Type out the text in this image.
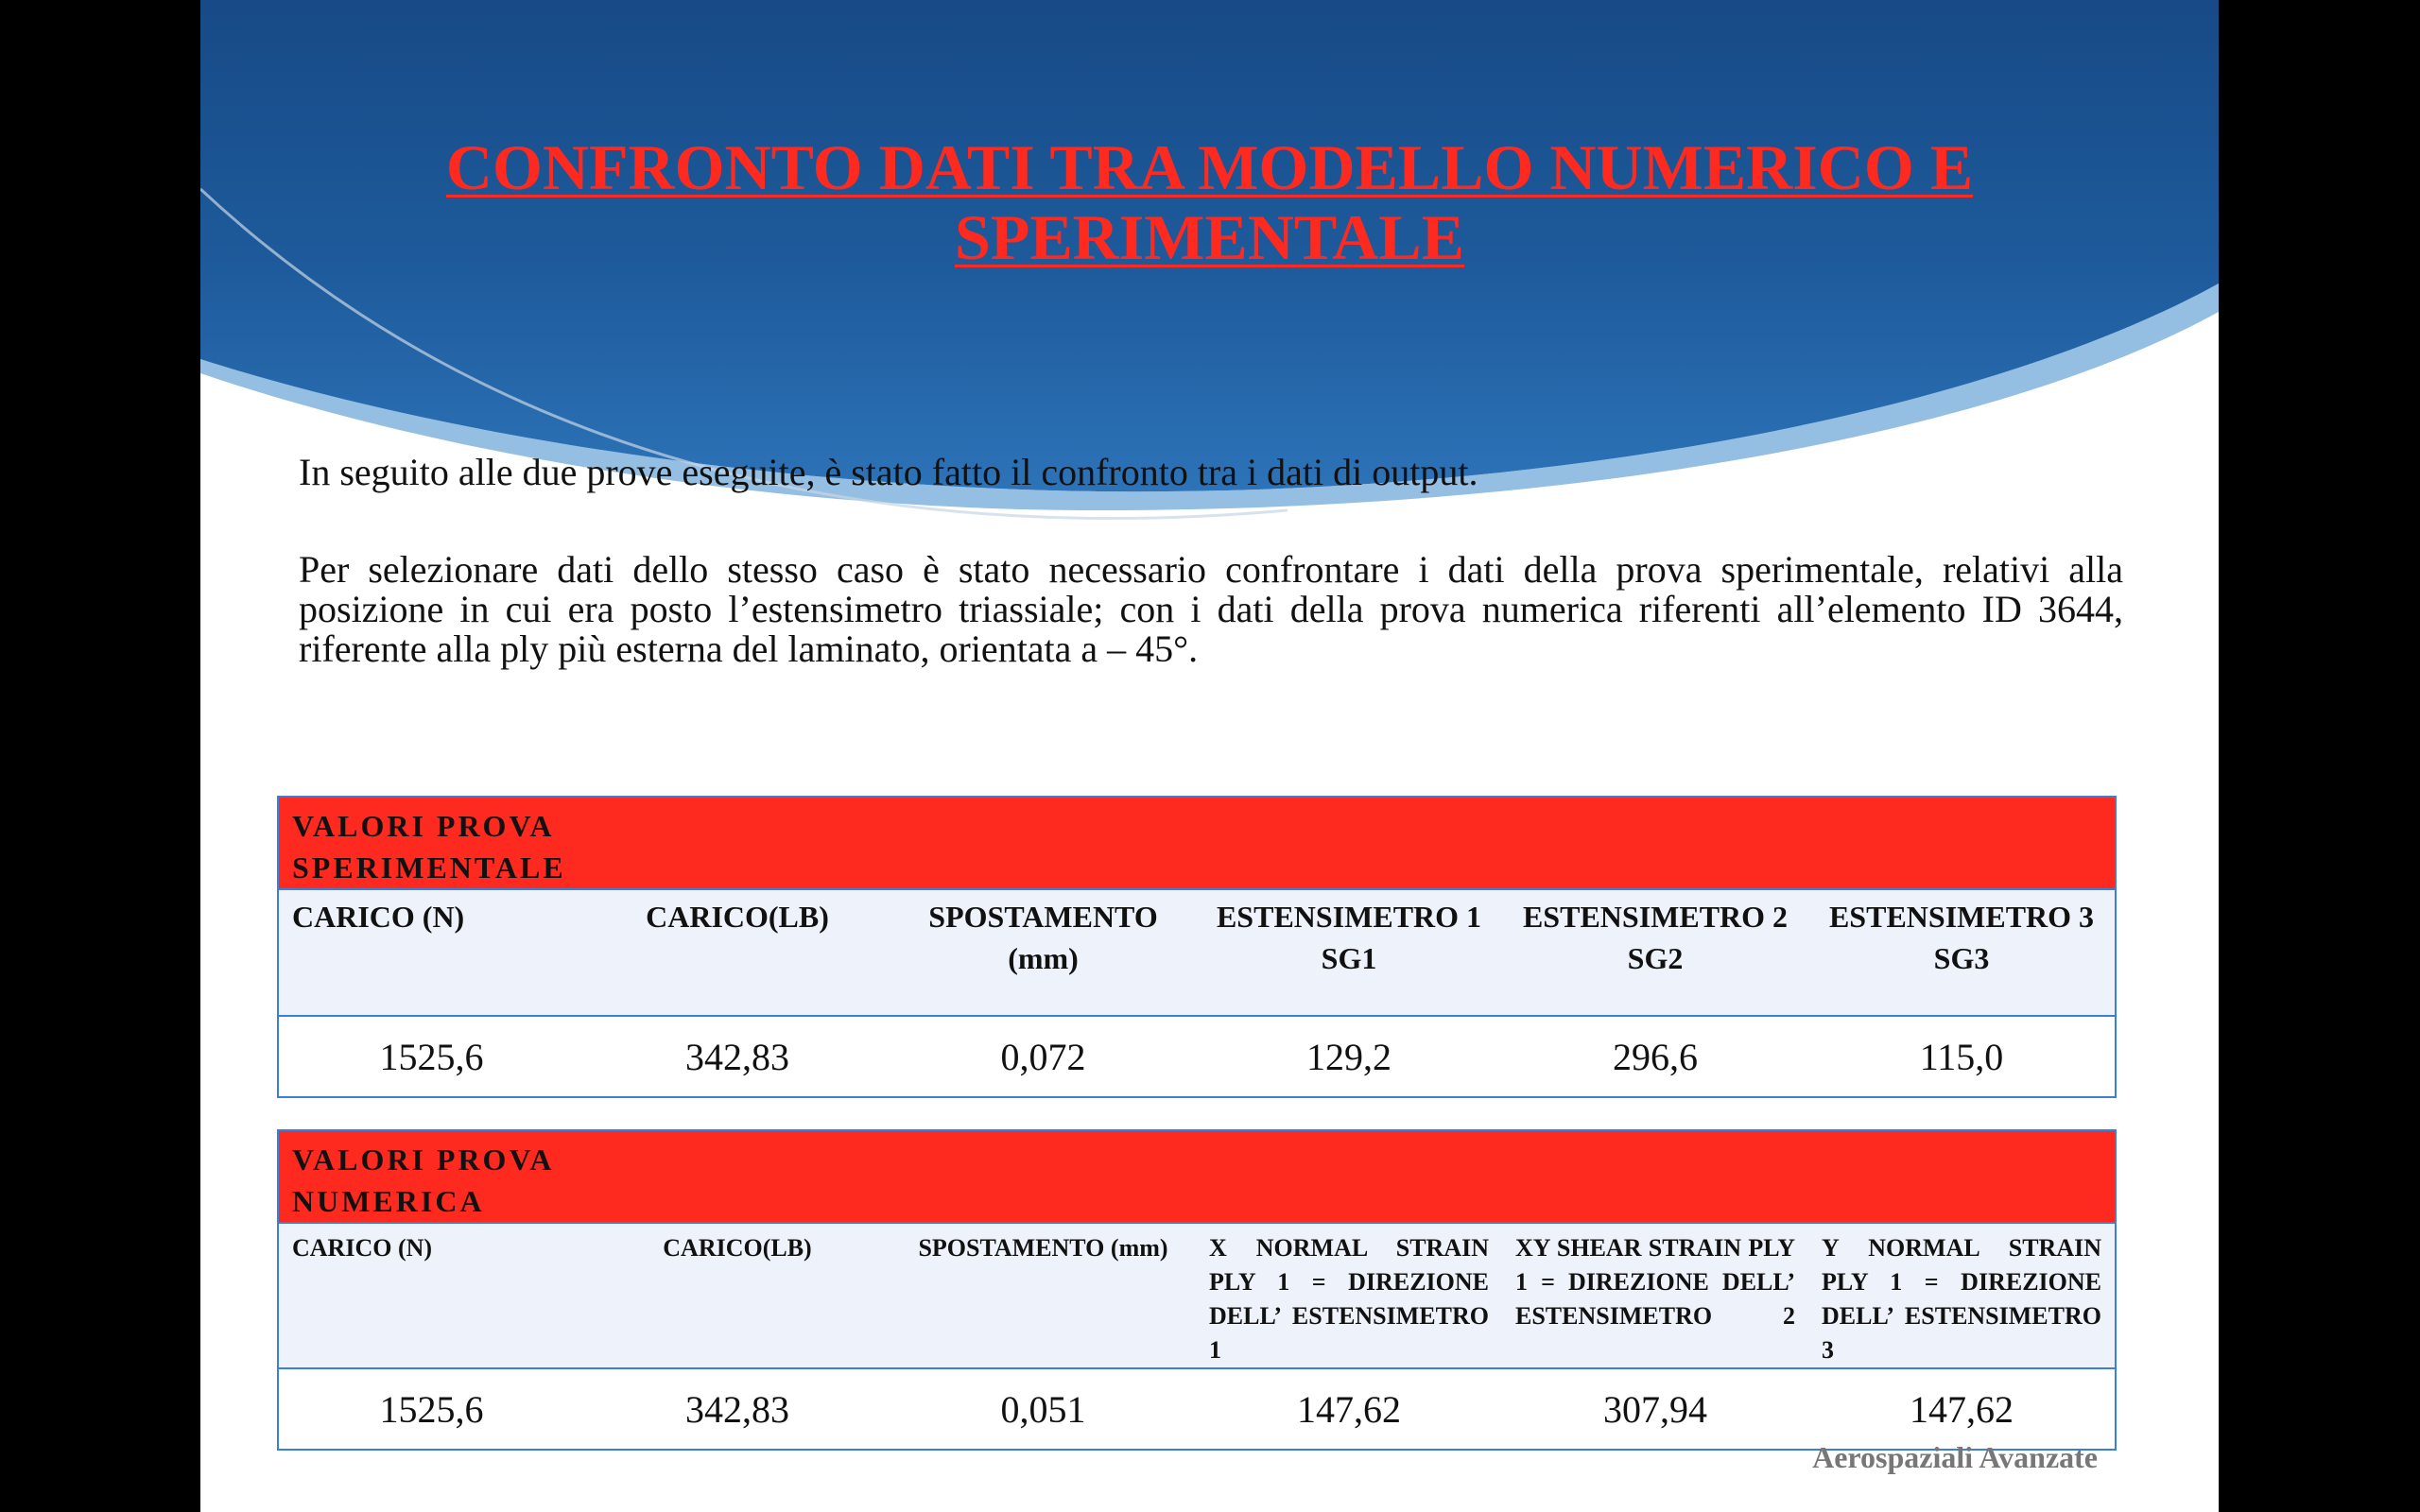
CONFRONTO DATI TRA MODELLO NUMERICO E
SPERIMENTALE
In seguito alle due prove eseguite, è stato fatto il confronto tra i dati di output.
Per selezionare dati dello stesso caso è stato necessario confrontare i dati della prova sperimentale, relativi alla posizione in cui era posto l’estensimetro triassiale; con i dati della prova numerica riferenti all’elemento ID 3644, riferente alla ply più esterna del laminato, orientata a – 45°.
VALORI PROVA SPERIMENTALE					

CARICO (N)	CARICO(LB)	SPOSTAMENTO (mm)	ESTENSIMETRO 1 SG1	ESTENSIMETRO 2 SG2	ESTENSIMETRO 3 SG3
1525,6	342,83	0,072	129,2	296,6	115,0
VALORI PROVA NUMERICA					

CARICO (N)	CARICO(LB)	SPOSTAMENTO (mm)	X NORMAL STRAIN PLY 1 = DIREZIONE DELL’ ESTENSIMETRO 1	XY SHEAR STRAIN PLY 1 = DIREZIONE DELL’ ESTENSIMETRO 2	Y NORMAL STRAIN PLY 1 = DIREZIONE DELL’ ESTENSIMETRO 3
1525,6	342,83	0,051	147,62	307,94	147,62
Aerospaziali Avanzate
